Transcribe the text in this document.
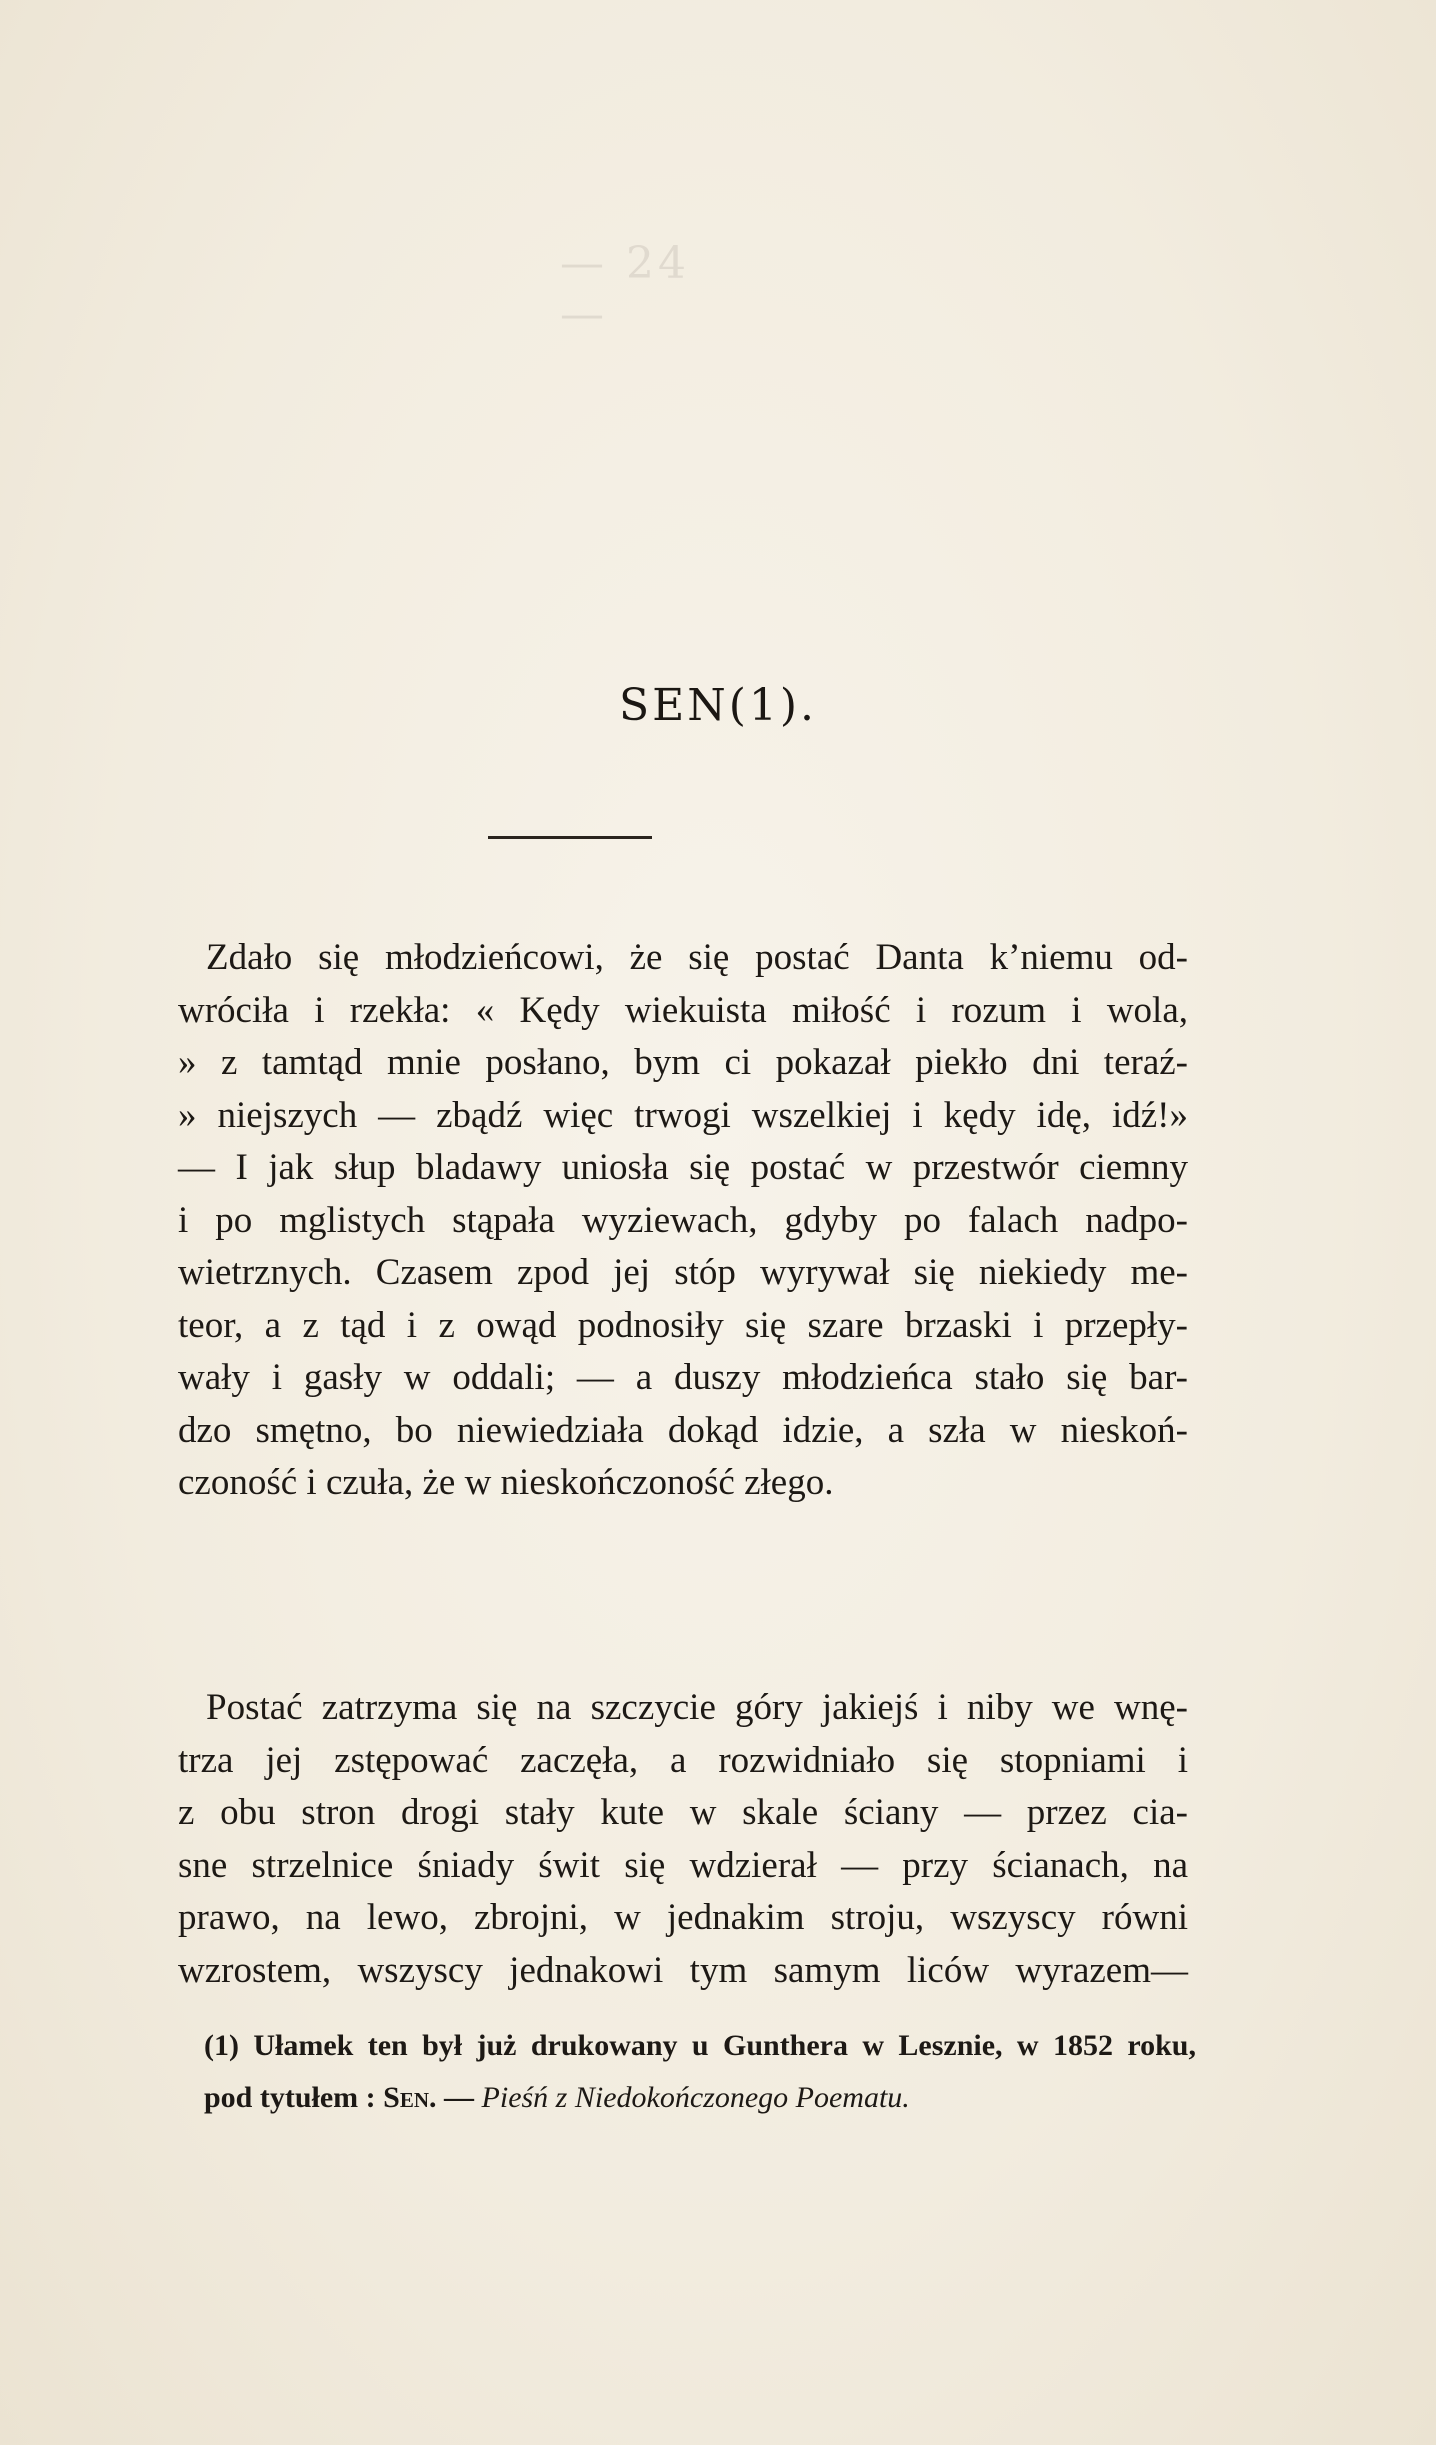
— 24 —
SEN(1).
Zdało się młodzieńcowi, że się postać Danta k’niemu od-
wróciła i rzekła: « Kędy wiekuista miłość i rozum i wola,
» z tamtąd mnie posłano, bym ci pokazał piekło dni teraź-
» niejszych — zbądź więc trwogi wszelkiej i kędy idę, idź!»
— I jak słup bladawy uniosła się postać w przestwór ciemny
i po mglistych stąpała wyziewach, gdyby po falach nadpo-
wietrznych. Czasem zpod jej stóp wyrywał się niekiedy me-
teor, a z tąd i z owąd podnosiły się szare brzaski i przepły-
wały i gasły w oddali; — a duszy młodzieńca stało się bar-
dzo smętno, bo niewiedziała dokąd idzie, a szła w nieskoń-
czoność i czuła, że w nieskończoność złego.
Postać zatrzyma się na szczycie góry jakiejś i niby we wnę-
trza jej zstępować zaczęła, a rozwidniało się stopniami i
z obu stron drogi stały kute w skale ściany — przez cia-
sne strzelnice śniady świt się wdzierał — przy ścianach, na
prawo, na lewo, zbrojni, w jednakim stroju, wszyscy równi
wzrostem, wszyscy jednakowi tym samym liców wyrazem—
(1) Ułamek ten był już drukowany u Gunthera w Lesznie, w 1852 roku,
pod tytułem : Sen. — Pieśń z Niedokończonego Poematu.
